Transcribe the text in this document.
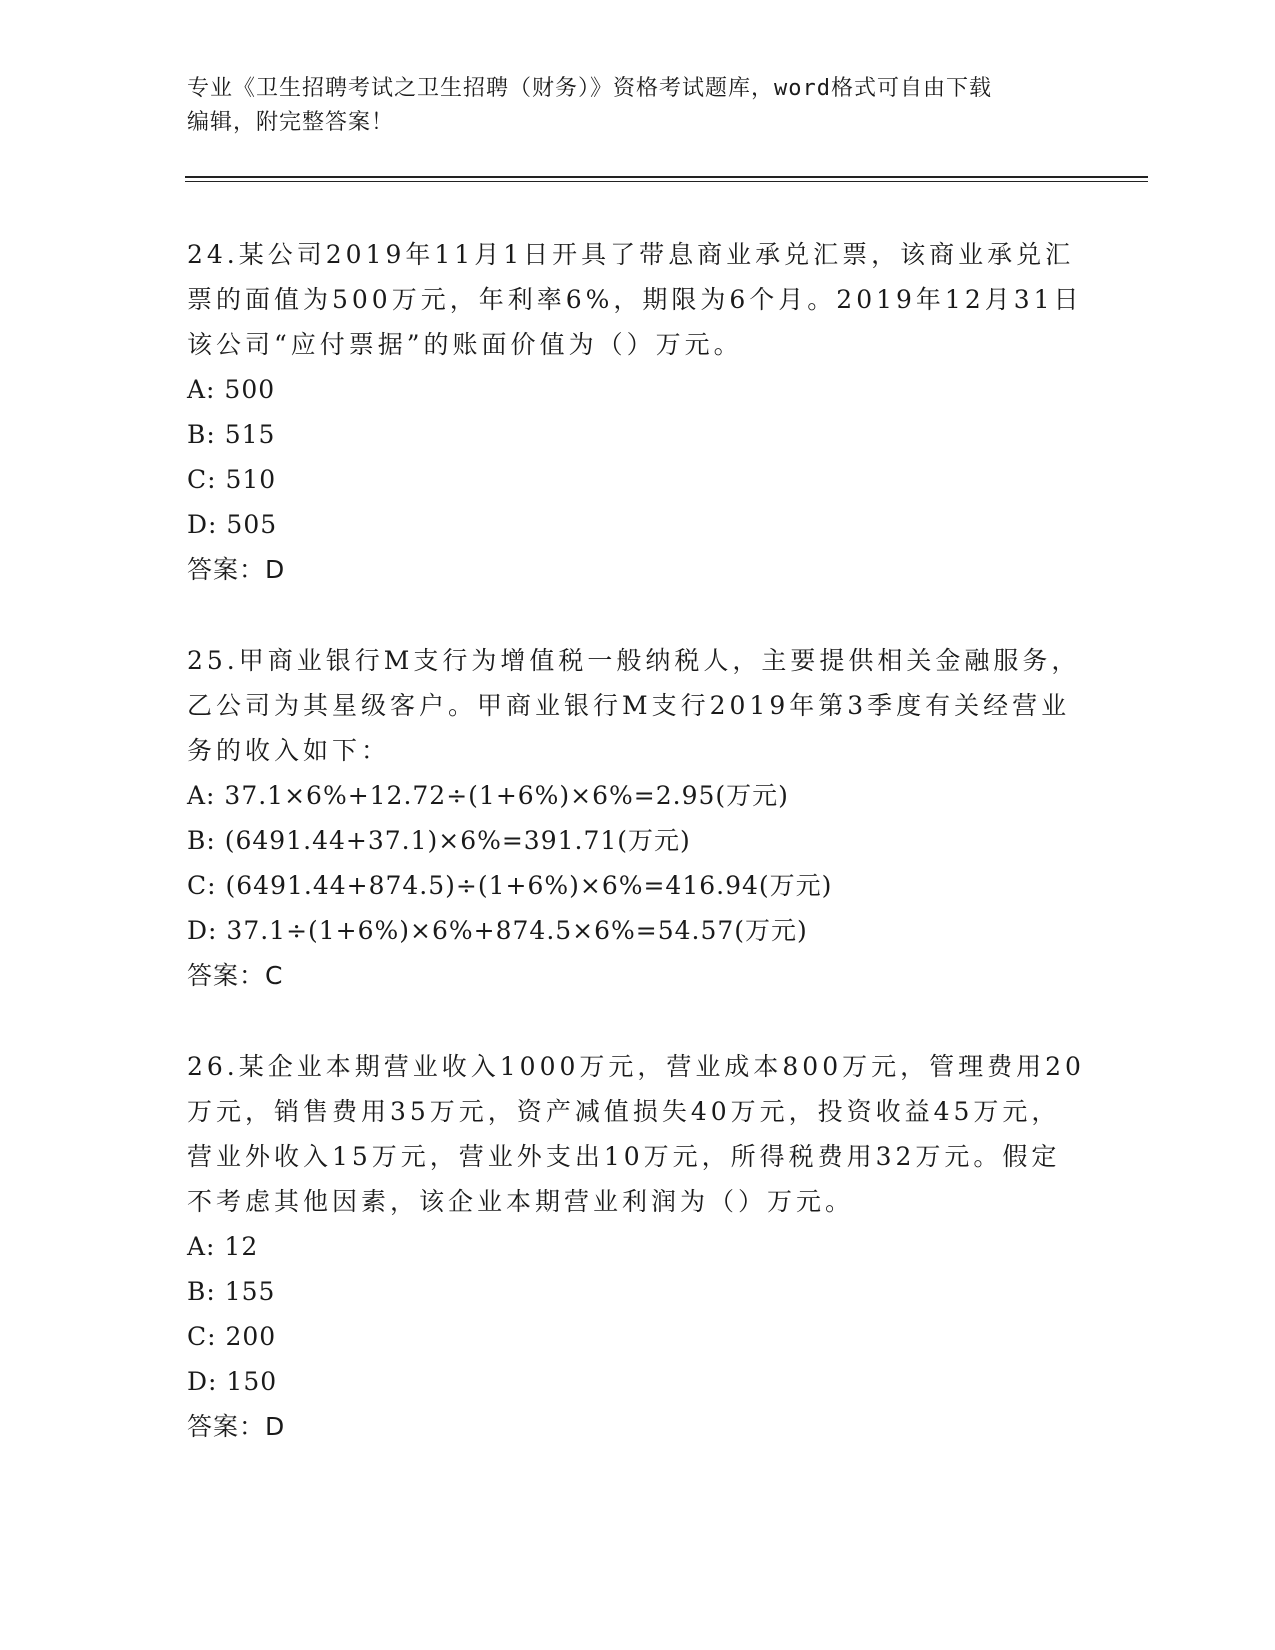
专业《卫生招聘考试之卫生招聘（财务）》资格考试题库，word格式可自由下载

编辑，附完整答案！

24.某公司2019年11月1日开具了带息商业承兑汇票，该商业承兑汇票的面值为500万元，年利率6%，期限为6个月。2019年12月31日该公司“应付票据”的账面价值为（）万元。

A: 500

B: 515

C: 510

D: 505

答案：D

25.甲商业银行M支行为增值税一般纳税人，主要提供相关金融服务，乙公司为其星级客户。甲商业银行M支行2019年第3季度有关经营业务的收入如下：

A: 37.1×6%+12.72÷(1+6%)×6%=2.95(万元)

B: (6491.44+37.1)×6%=391.71(万元)

C: (6491.44+874.5)÷(1+6%)×6%=416.94(万元)

D: 37.1÷(1+6%)×6%+874.5×6%=54.57(万元)

答案：C

26.某企业本期营业收入1000万元，营业成本800万元，管理费用20万元，销售费用35万元，资产减值损失40万元，投资收益45万元，营业外收入15万元，营业外支出10万元，所得税费用32万元。假定不考虑其他因素，该企业本期营业利润为（）万元。

A: 12

B: 155

C: 200

D: 150

答案：D
